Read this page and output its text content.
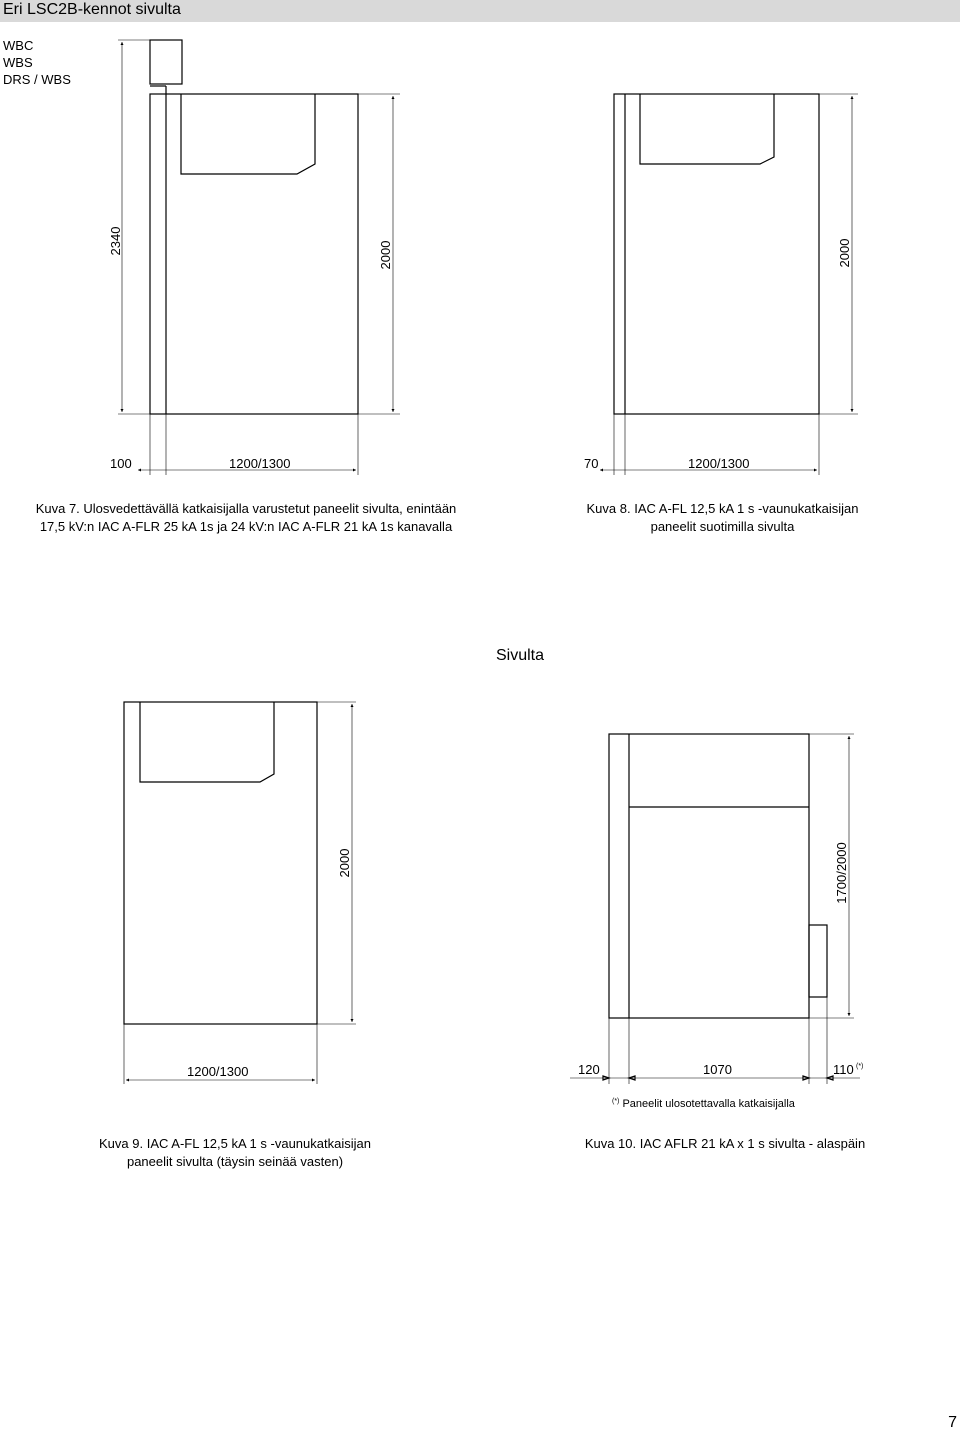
Eri LSC2B-kennot sivulta
WBC
WBS
DRS / WBS
2340	2000
100	1200/1300
2000
70	1200/1300
2000
1200/1300
1700/2000
120	1070	110 (*)
Kuva 7. Ulosvedettävällä katkaisijalla varustetut paneelit sivulta, enintään
17,5 kV:n IAC A-FLR 25 kA 1s ja 24 kV:n IAC A-FLR 21 kA 1s kanavalla
Kuva 8. IAC A-FL 12,5 kA 1 s -vaunukatkaisijan
paneelit suotimilla sivulta
Sivulta
(*) Paneelit ulosotettavalla katkaisijalla
Kuva 9. IAC A-FL 12,5 kA 1 s -vaunukatkaisijan
paneelit sivulta (täysin seinää vasten)
Kuva 10. IAC AFLR 21 kA x 1 s sivulta - alaspäin
7
